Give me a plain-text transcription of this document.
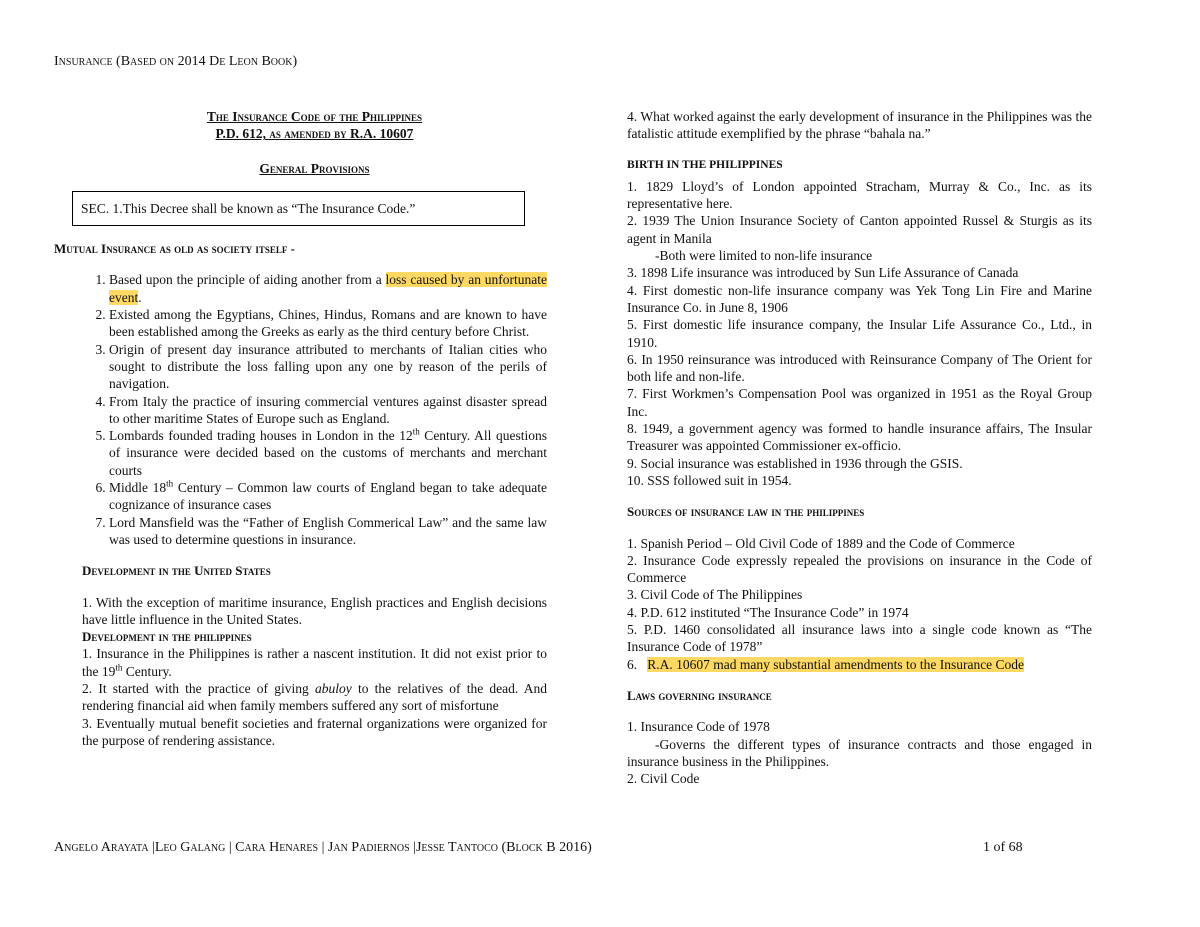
Insurance (Based on 2014 De Leon Book)
The Insurance Code of the Philippines
P.D. 612, as amended by R.A. 10607
General Provisions
SEC. 1.This Decree shall be known as “The Insurance Code.”
Mutual Insurance as old as society itself -
1. Based upon the principle of aiding another from a loss caused by an unfortunate event.
2. Existed among the Egyptians, Chines, Hindus, Romans and are known to have been established among the Greeks as early as the third century before Christ.
3. Origin of present day insurance attributed to merchants of Italian cities who sought to distribute the loss falling upon any one by reason of the perils of navigation.
4. From Italy the practice of insuring commercial ventures against disaster spread to other maritime States of Europe such as England.
5. Lombards founded trading houses in London in the 12th Century. All questions of insurance were decided based on the customs of merchants and merchant courts
6. Middle 18th Century – Common law courts of England began to take adequate cognizance of insurance cases
7. Lord Mansfield was the “Father of English Commerical Law” and the same law was used to determine questions in insurance.
Development in the United States

1. With the exception of maritime insurance, English practices and English decisions have little influence in the United States.

Development in the philippines

1. Insurance in the Philippines is rather a nascent institution. It did not exist prior to the 19th Century.

2. It started with the practice of giving abuloy to the relatives of the dead. And rendering financial aid when family members suffered any sort of misfortune

3. Eventually mutual benefit societies and fraternal organizations were organized for the purpose of rendering assistance.

4. What worked against the early development of insurance in the Philippines was the fatalistic attitude exemplified by the phrase “bahala na.”

BIRTH IN THE PHILIPPINES

1. 1829 Lloyd’s of London appointed Stracham, Murray & Co., Inc. as its representative here.

2. 1939 The Union Insurance Society of Canton appointed Russel & Sturgis as its agent in Manila

-Both were limited to non-life insurance

3. 1898 Life insurance was introduced by Sun Life Assurance of Canada

4. First domestic non-life insurance company was Yek Tong Lin Fire and Marine Insurance Co. in June 8, 1906

5. First domestic life insurance company, the Insular Life Assurance Co., Ltd., in 1910.

6. In 1950 reinsurance was introduced with Reinsurance Company of The Orient for both life and non-life.

7. First Workmen’s Compensation Pool was organized in 1951 as the Royal Group Inc.

8. 1949, a government agency was formed to handle insurance affairs, The Insular Treasurer was appointed Commissioner ex-officio.

9. Social insurance was established in 1936 through the GSIS.

10. SSS followed suit in 1954.

Sources of insurance law in the philippines

1. Spanish Period – Old Civil Code of 1889 and the Code of Commerce

2. Insurance Code expressly repealed the provisions on insurance in the Code of Commerce

3. Civil Code of The Philippines

4. P.D. 612 instituted “The Insurance Code” in 1974

5. P.D. 1460 consolidated all insurance laws into a single code known as “The Insurance Code of 1978”

6.   R.A. 10607 mad many substantial amendments to the Insurance Code

Laws governing insurance

1. Insurance Code of 1978

-Governs the different types of insurance contracts and those engaged in insurance business in the Philippines.

2. Civil Code

Angelo Arayata |Leo Galang | Cara Henares | Jan Padiernos |Jesse Tantoco (Block B 2016)	1 of 68
